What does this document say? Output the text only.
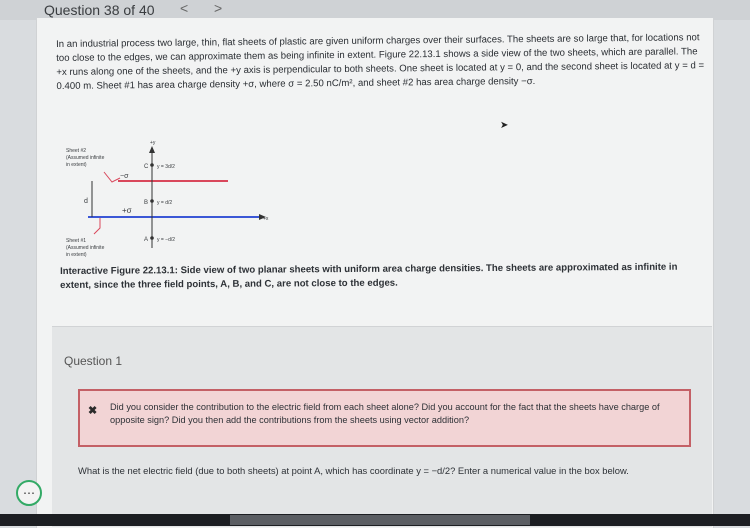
Question 38 of 40 < >
In an industrial process two large, thin, flat sheets of plastic are given uniform charges over their surfaces. The sheets are so large that, for locations not too close to the edges, we can approximate them as being infinite in extent. Figure 22.13.1 shows a side view of the two sheets, which are parallel. The +x runs along one of the sheets, and the +y axis is perpendicular to both sheets. One sheet is located at y = 0, and the second sheet is located at y = d = 0.400 m. Sheet #1 has area charge density +σ, where σ = 2.50 nC/m², and sheet #2 has area charge density −σ.
➤
+y
+x
Sheet #2
(Assumed infinite
in extent)
−σ
d
+σ
Sheet #1
(Assumed infinite
in extent)
C y = 3d/2
B y = d/2
A y = −d/2
Interactive Figure 22.13.1: Side view of two planar sheets with uniform area charge densities. The sheets are approximated as infinite in extent, since the three field points, A, B, and C, are not close to the edges.
Question 1
✖ Did you consider the contribution to the electric field from each sheet alone? Did you account for the fact that the sheets have charge of opposite sign? Did you then add the contributions from the sheets using vector addition?
What is the net electric field (due to both sheets) at point A, which has coordinate y = −d/2? Enter a numerical value in the box below.
⋯
